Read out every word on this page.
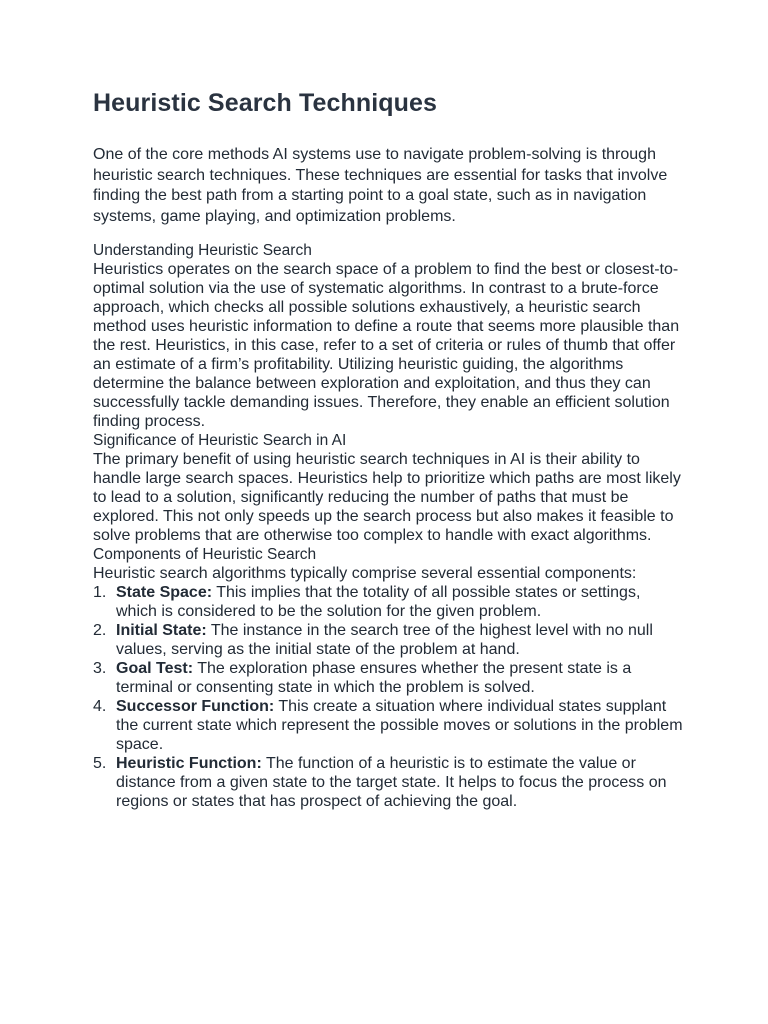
Heuristic Search Techniques

One of the core methods AI systems use to navigate problem-solving is through heuristic search techniques. These techniques are essential for tasks that involve finding the best path from a starting point to a goal state, such as in navigation systems, game playing, and optimization problems.

Understanding Heuristic Search

Heuristics operates on the search space of a problem to find the best or closest-to-optimal solution via the use of systematic algorithms. In contrast to a brute-force approach, which checks all possible solutions exhaustively, a heuristic search method uses heuristic information to define a route that seems more plausible than the rest. Heuristics, in this case, refer to a set of criteria or rules of thumb that offer an estimate of a firm’s profitability. Utilizing heuristic guiding, the algorithms determine the balance between exploration and exploitation, and thus they can successfully tackle demanding issues. Therefore, they enable an efficient solution finding process.

Significance of Heuristic Search in AI

The primary benefit of using heuristic search techniques in AI is their ability to handle large search spaces. Heuristics help to prioritize which paths are most likely to lead to a solution, significantly reducing the number of paths that must be explored. This not only speeds up the search process but also makes it feasible to solve problems that are otherwise too complex to handle with exact algorithms.

Components of Heuristic Search

Heuristic search algorithms typically comprise several essential components:

1. State Space: This implies that the totality of all possible states or settings, which is considered to be the solution for the given problem.
2. Initial State: The instance in the search tree of the highest level with no null values, serving as the initial state of the problem at hand.
3. Goal Test: The exploration phase ensures whether the present state is a terminal or consenting state in which the problem is solved.
4. Successor Function: This create a situation where individual states supplant the current state which represent the possible moves or solutions in the problem space.
5. Heuristic Function: The function of a heuristic is to estimate the value or distance from a given state to the target state. It helps to focus the process on regions or states that has prospect of achieving the goal.
